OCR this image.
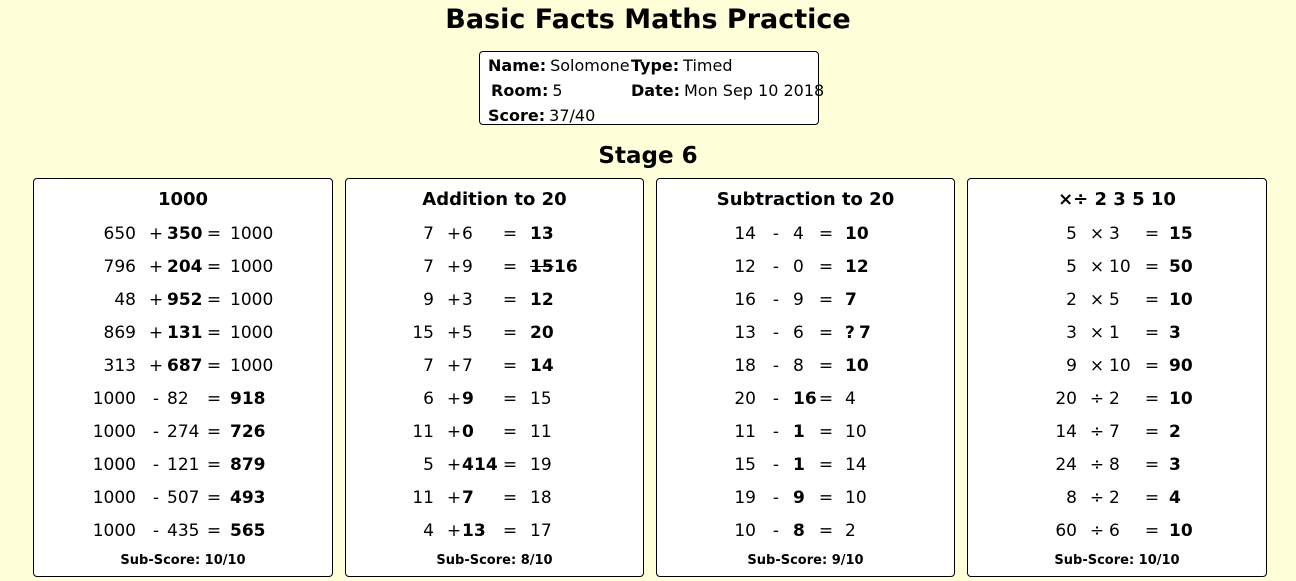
Basic Facts Maths Practice
Name: Solomone Type: Timed
Room: 5	Date: Mon Sep 10 2018
Score: 37/40
Stage 6
1000
650 + 350 = 1000
796 + 204 = 1000
48 + 952 = 1000
869 + 131 = 1000
313 + 687 = 1000
1000 - 82 = 918
1000 - 274 = 726
1000 - 121 = 879
1000 - 507 = 493
1000 - 435 = 565
Sub-Score: 10/10
Addition to 20
7 + 6 = 13
7 + 9 = 15 16
9 + 3 = 12
15 + 5 = 20
7 + 7 = 14
6 + 9 = 15
11 + 0 = 11
5 + 4 14 = 19
11 + 7 = 18
4 + 13 = 17
Sub-Score: 8/10
Subtraction to 20
14 - 4 = 10
12 - 0 = 12
16 - 9 = 7
13 - 6 = ? 7
18 - 8 = 10
20 - 16 = 4
11 - 1 = 10
15 - 1 = 14
19 - 9 = 10
10 - 8 = 2
Sub-Score: 9/10
×÷ 2 3 5 10
5 × 3 = 15
5 × 10 = 50
2 × 5 = 10
3 × 1 = 3
9 × 10 = 90
20 ÷ 2 = 10
14 ÷ 7 = 2
24 ÷ 8 = 3
8 ÷ 2 = 4
60 ÷ 6 = 10
Sub-Score: 10/10
